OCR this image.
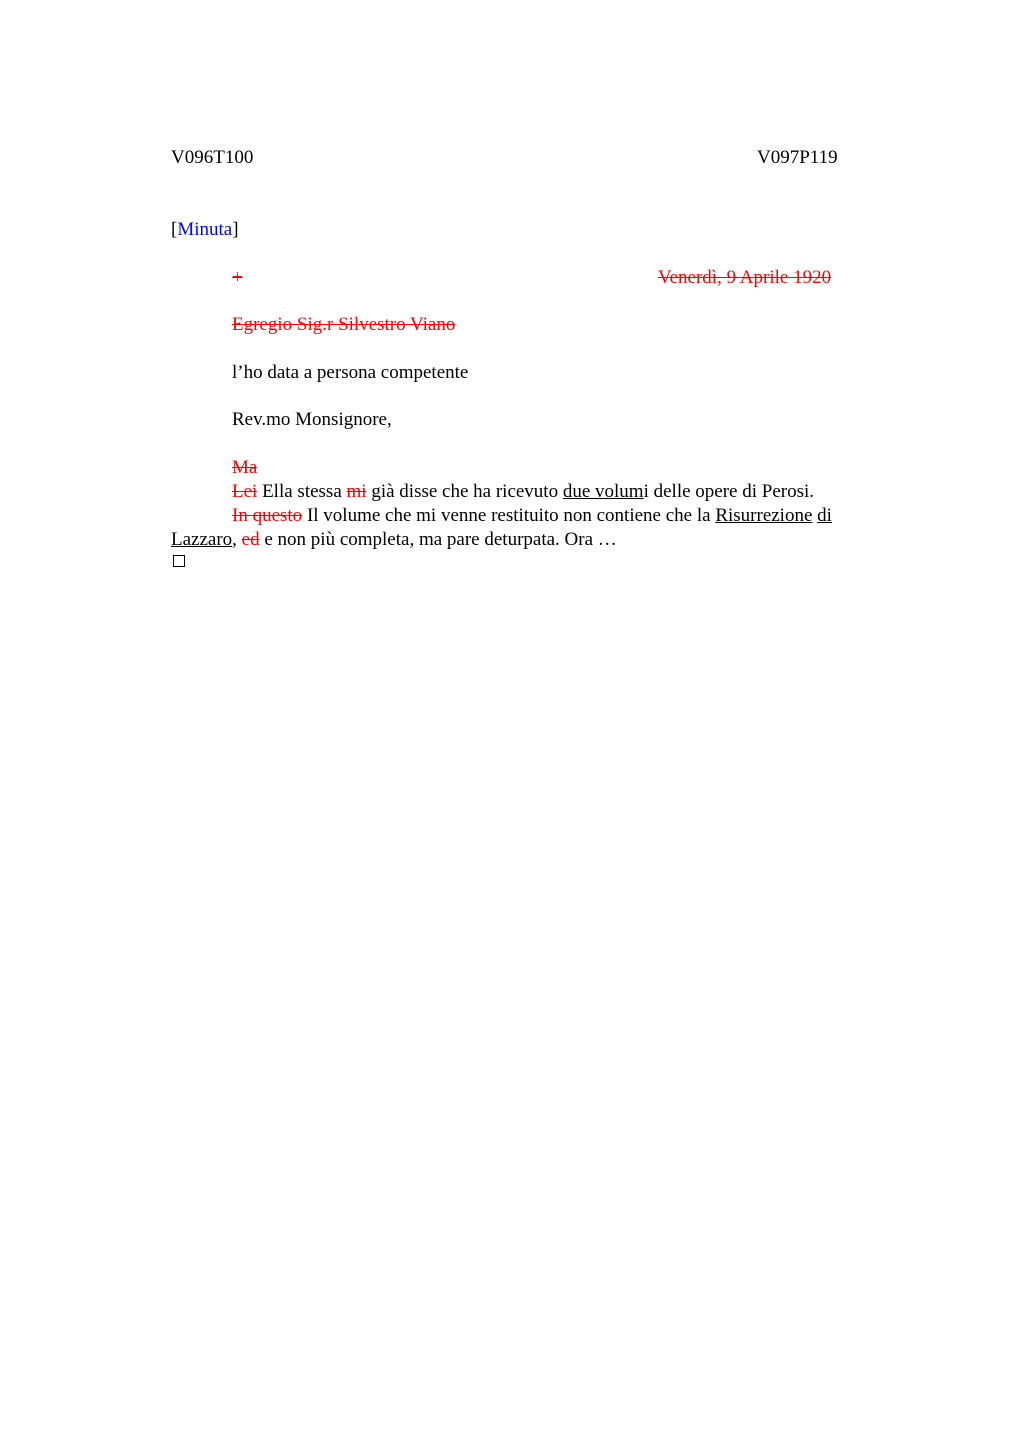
V096T100	V097P119
[Minuta]
+	Venerdì, 9 Aprile 1920
Egregio Sig.r Silvestro Viano
l’ho data a persona competente
Rev.mo Monsignore,
Ma
Lei Ella stessa mi già disse che ha ricevuto due volumi delle opere di Perosi.
In questo Il volume che mi venne restituito non contiene che la Risurrezione di
Lazzaro, ed e non più completa, ma pare deturpata. Ora …
